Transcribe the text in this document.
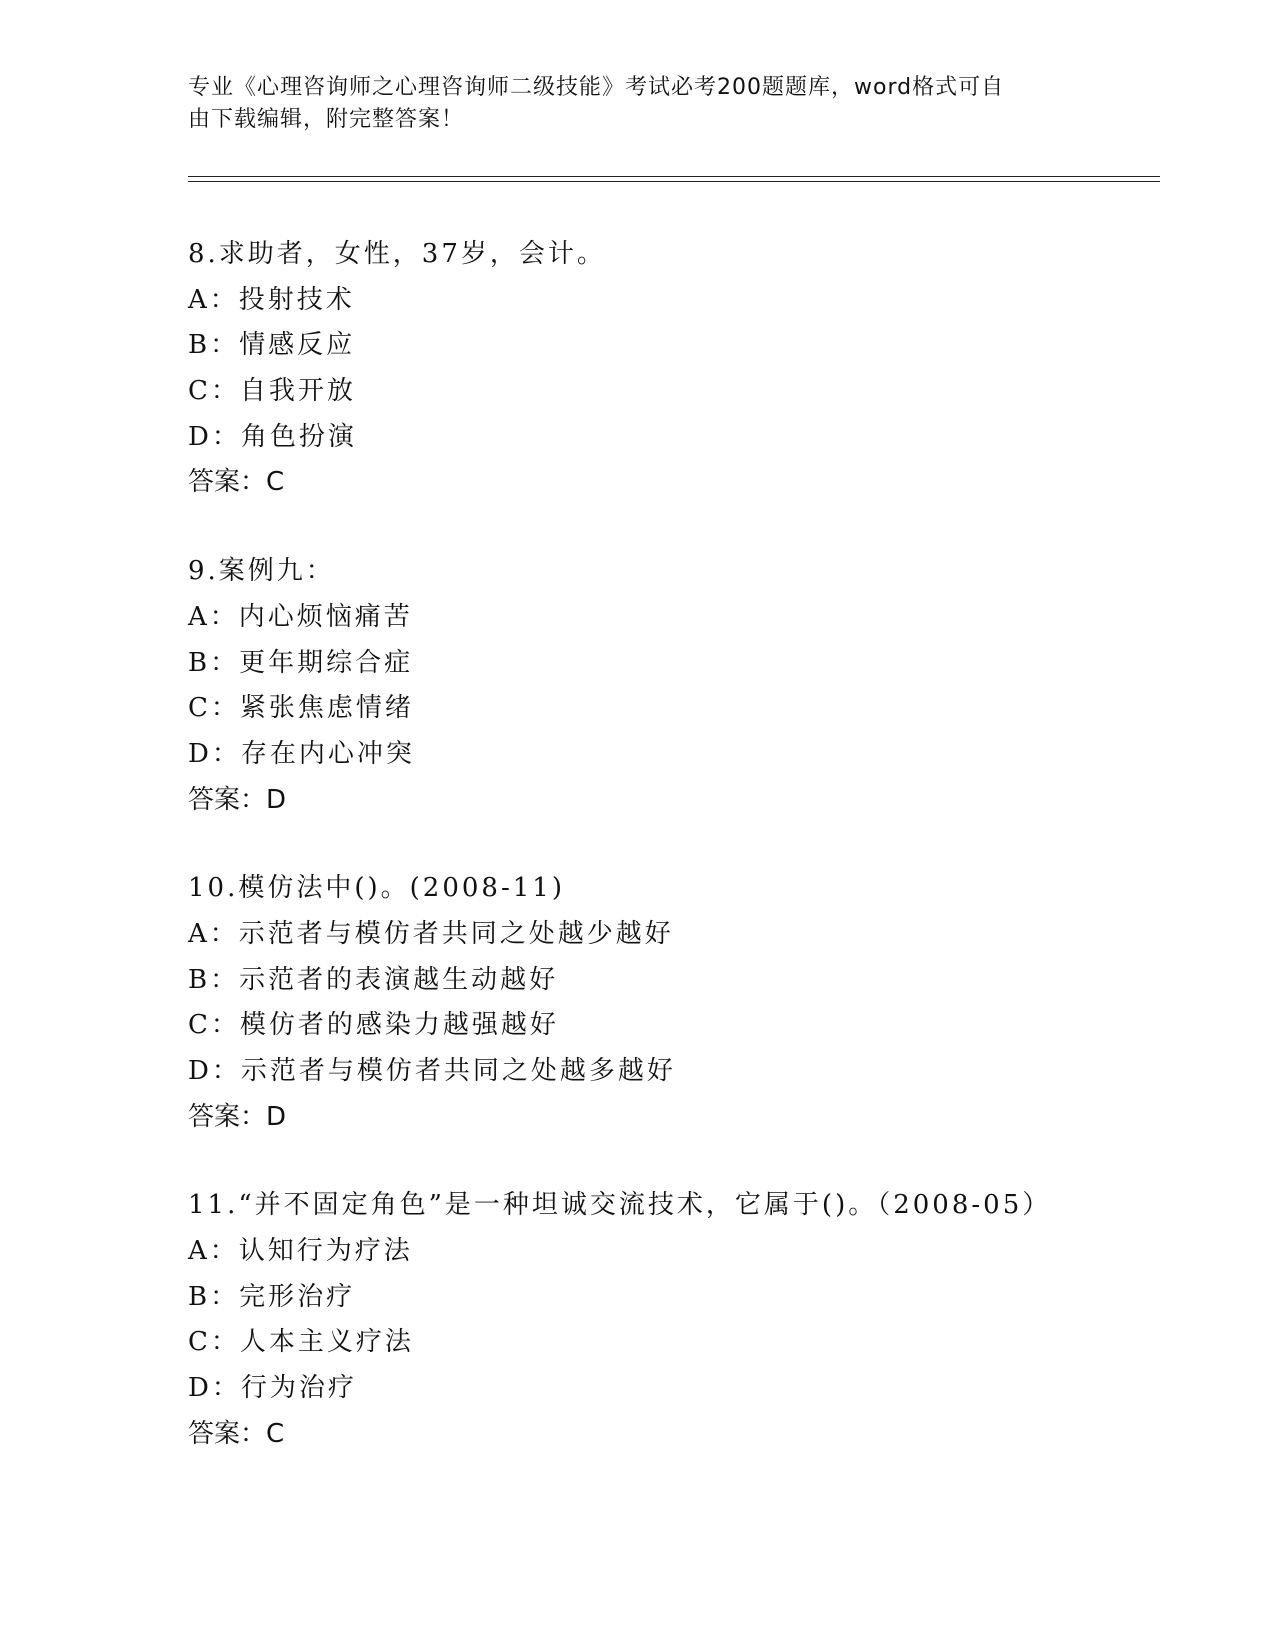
专业《心理咨询师之心理咨询师二级技能》考试必考200题题库，word格式可自
由下载编辑，附完整答案！
8.求助者，女性，37岁，会计。
A：投射技术
B：情感反应
C：自我开放
D：角色扮演
答案：C
9.案例九：
A：内心烦恼痛苦
B：更年期综合症
C：紧张焦虑情绪
D：存在内心冲突
答案：D
10.模仿法中()。(2008-11)
A：示范者与模仿者共同之处越少越好
B：示范者的表演越生动越好
C：模仿者的感染力越强越好
D：示范者与模仿者共同之处越多越好
答案：D
11.“并不固定角色”是一种坦诚交流技术，它属于()。（2008-05）
A：认知行为疗法
B：完形治疗
C：人本主义疗法
D：行为治疗
答案：C
